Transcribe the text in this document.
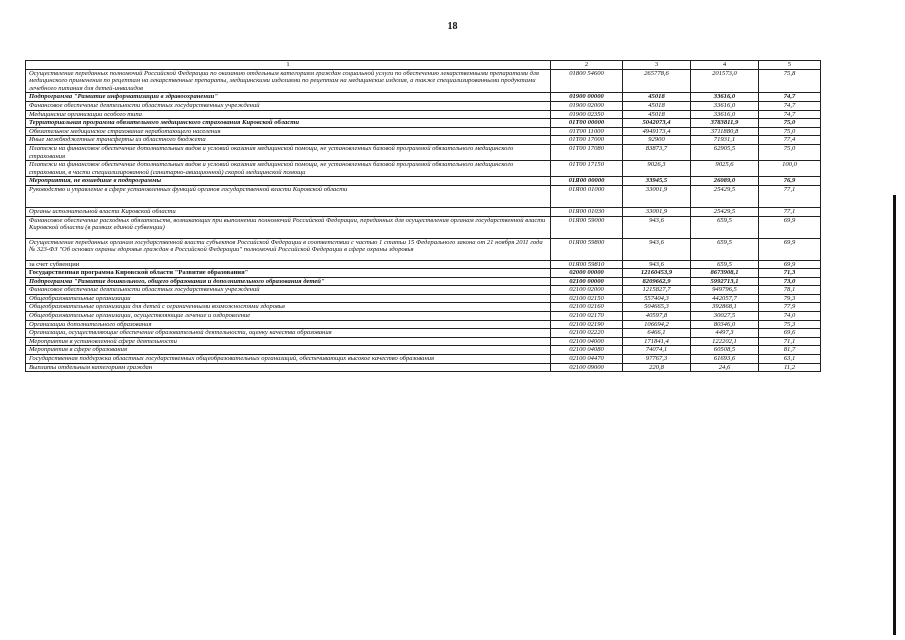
18
1	2	3	4	5
Осуществление переданных полномочий Российской Федерации по оказанию отдельным категориям граждан социальной услуги по обеспечению лекарственными препаратами для медицинского применения по рецептам на лекарственные препараты, медицинскими изделиями по рецептам на медицинские изделия, а также специализированными продуктами лечебного питания для детей-инвалидов	01800 54600	265778,6	201573,0	75,8
Подпрограмма "Развитие информатизации в здравоохранении"	01900 00000	45018	33616,0	74,7
Финансовое обеспечение деятельности областных государственных учреждений	01900 02000	45018	33616,0	74,7
Медицинские организации особого типа	01900 02350	45018	33616,0	74,7
Территориальная программа обязательного медицинского страхования Кировской области	01Т00 00000	5042073,4	3783811,9	75,0
Обязательное медицинское страхование неработающего населения	01Т00 11000	4949173,4	3711880,8	75,0
Иные межбюджетные трансферты из областного бюджета	01Т00 17000	92900	71931,1	77,4
Платежи на финансовое обеспечение дополнительных видов и условий оказания медицинской помощи, не установленных базовой программой обязательного медицинского страхования	01Т00 17080	83873,7	62905,5	75,0
Платежи на финансовое обеспечение дополнительных видов и условий оказания медицинской помощи, не установленных базовой программой обязательного медицинского страхования, в части специализированной (санитарно-авиационной) скорой медицинской помощи	01Т00 17150	9026,3	9025,6	100,0
Мероприятия, не вошедшие в подпрограммы	01Я00 00000	33945,5	26089,0	76,9
Руководство и управление в сфере установленных функций органов государственной власти Кировской области	01Я00 01000	33001,9	25429,5	77,1
Органы исполнительной власти Кировской области	01Я00 01030	33001,9	25429,5	77,1
Финансовое обеспечение расходных обязательств, возникающих при выполнении полномочий Российской Федерации, переданных для осуществления органам государственной власти Кировской области (в рамках единой субвенции)	01Я00 59000	943,6	659,5	69,9
Осуществление переданных органам государственной власти субъектов Российской Федерации в соответствии с частью 1 статьи 15 Федерального закона от 21 ноября 2011 года № 323-ФЗ "Об основах охраны здоровья граждан в Российской Федерации" полномочий Российской Федерации в сфере охраны здоровья	01Я00 59800	943,6	659,5	69,9
за счет субвенции	01Я00 59810	943,6	659,5	69,9
Государственная программа Кировской области "Развитие образования"	02000 00000	12160453,9	8673908,1	71,3
Подпрограмма "Развитие дошкольного, общего образования и дополнительного образования детей"	02100 00000	8209662,9	5992713,1	73,0
Финансовое обеспечение деятельности областных государственных учреждений	02100 02000	1215827,7	949796,5	78,1
Общеобразовательные организации	02100 02150	557404,3	442057,7	79,3
Общеобразовательные организации для детей с ограниченными возможностями здоровья	02100 02160	504665,3	392868,1	77,9
Общеобразовательные организации, осуществляющие лечение и оздоровление	02100 02170	40597,8	30027,5	74,0
Организации дополнительного образования	02100 02190	106694,2	80346,0	75,3
Организации, осуществляющие обеспечение образовательной деятельности, оценку качества образования	02100 02220	6466,1	4497,3	69,6
Мероприятия в установленной сфере деятельности	02100 04000	171841,4	122202,1	71,1
Мероприятия в сфере образования	02100 04080	74074,1	60508,5	81,7
Государственная поддержка областных государственных общеобразовательных организаций, обеспечивающих высокое качество образования	02100 04470	97767,3	61693,6	63,1
Выплаты отдельным категориям граждан	02100 09000	220,8	24,6	11,2
